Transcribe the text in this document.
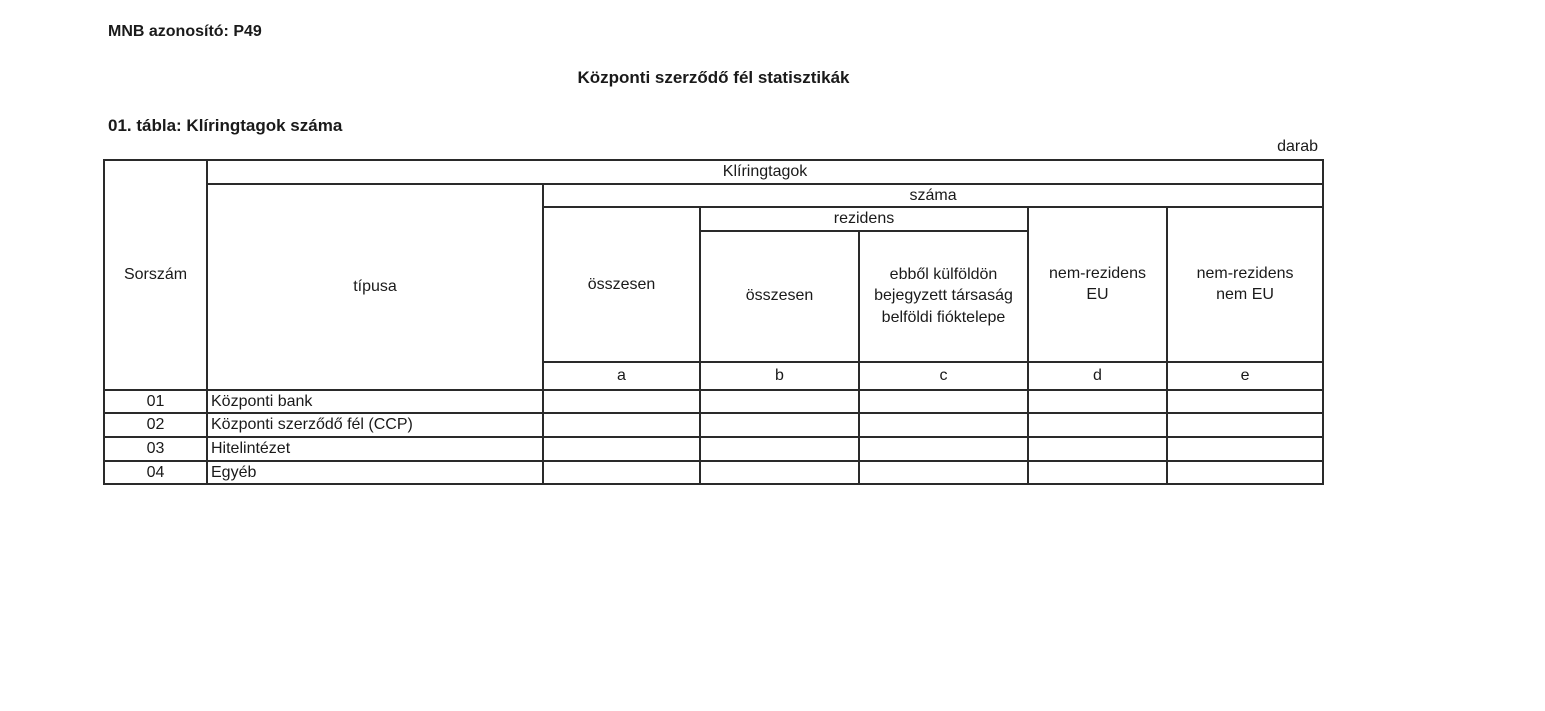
MNB azonosító: P49
Központi szerződő fél statisztikák
01. tábla: Klíringtagok száma
darab
Sorszám	Klíringtagok					
	típusa	száma				
		összesen	rezidens		nem-rezidens EU	nem-rezidens nem EU
			összesen	ebből külföldön bejegyzett társaság belföldi fióktelepe		
		a	b	c	d	e
01	Központi bank					
02	Központi szerződő fél (CCP)					
03	Hitelintézet					
04	Egyéb					
